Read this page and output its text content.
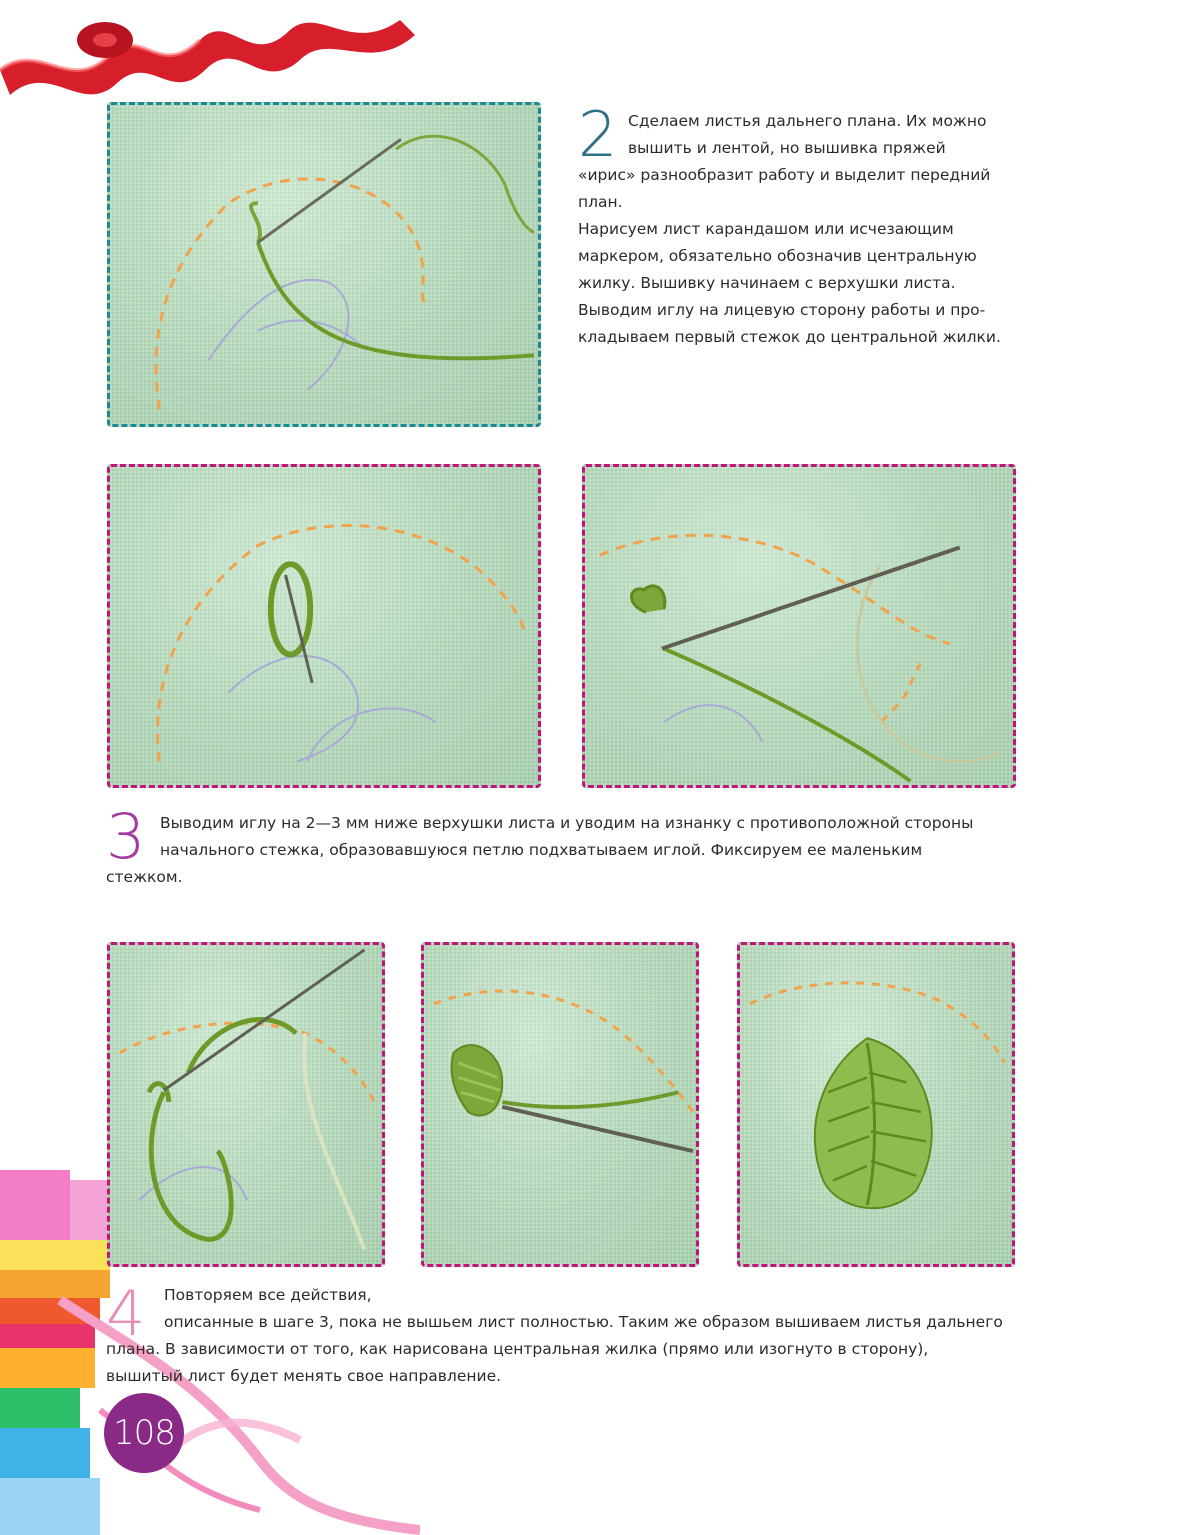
2 Сделаем листья дальнего плана. Их можно

вышить и лентой, но вышивка пряжей

«ирис» разнообразит работу и выделит передний

план.

Нарисуем лист карандашом или исчезающим

маркером, обязательно обозначив центральную

жилку. Вышивку начинаем с верхушки листа.

Выводим иглу на лицевую сторону работы и про-

кладываем первый стежок до центральной жилки.

3 Выводим иглу на 2—3 мм ниже верхушки листа и уводим на изнанку с противоположной стороны

начального стежка, образовавшуюся петлю подхватываем иглой. Фиксируем ее маленьким

стежком.

4	Повторяем все действия,

описанные в шаге 3, пока не вышьем лист полностью. Таким же образом вышиваем листья дальнего

плана. В зависимости от того, как нарисована центральная жилка (прямо или изогнуто в сторону),

вышитый лист будет менять свое направление.

108
